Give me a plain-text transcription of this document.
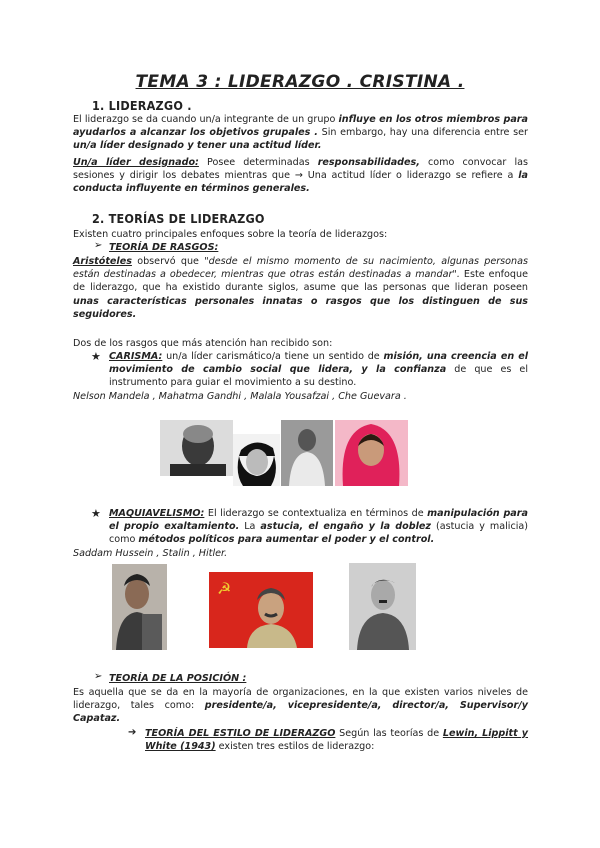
TEMA 3 : LIDERAZGO . CRISTINA .
1. LIDERAZGO .
El liderazgo se da cuando un/a integrante de un grupo influye en los otros miembros para ayudarlos a alcanzar los objetivos grupales . Sin embargo, hay una diferencia entre ser un/a líder designado y tener una actitud líder.
Un/a líder designado: Posee determinadas responsabilidades, como convocar las sesiones y dirigir los debates mientras que → Una actitud líder o liderazgo se refiere a la conducta influyente en términos generales.
2. TEORÍAS DE LIDERAZGO
Existen cuatro principales enfoques sobre la teoría de liderazgos:
➢ TEORÍA DE RASGOS:
Aristóteles observó que "desde el mismo momento de su nacimiento, algunas personas están destinadas a obedecer, mientras que otras están destinadas a mandar". Este enfoque de liderazgo, que ha existido durante siglos, asume que las personas que lideran poseen unas características personales innatas o rasgos que los distinguen de sus seguidores.
Dos de los rasgos que más atención han recibido son:
★ CARISMA: un/a líder carismático/a tiene un sentido de misión, una creencia en el movimiento de cambio social que lidera, y la confianza de que es el instrumento para guiar el movimiento a su destino.
Nelson Mandela , Mahatma Gandhi , Malala Yousafzai , Che Guevara .
★ MAQUIAVELISMO: El liderazgo se contextualiza en términos de manipulación para el propio exaltamiento. La astucia, el engaño y la doblez (astucia y malicia) como métodos políticos para aumentar el poder y el control.
Saddam Hussein , Stalin , Hitler.
☭
➢ TEORÍA DE LA POSICIÓN :
Es aquella que se da en la mayoría de organizaciones, en la que existen varios niveles de liderazgo, tales como: presidente/a, vicepresidente/a, director/a, Supervisor/y Capataz.
➔ TEORÍA DEL ESTILO DE LIDERAZGO Según las teorías de Lewin, Lippitt y White (1943) existen tres estilos de liderazgo:
